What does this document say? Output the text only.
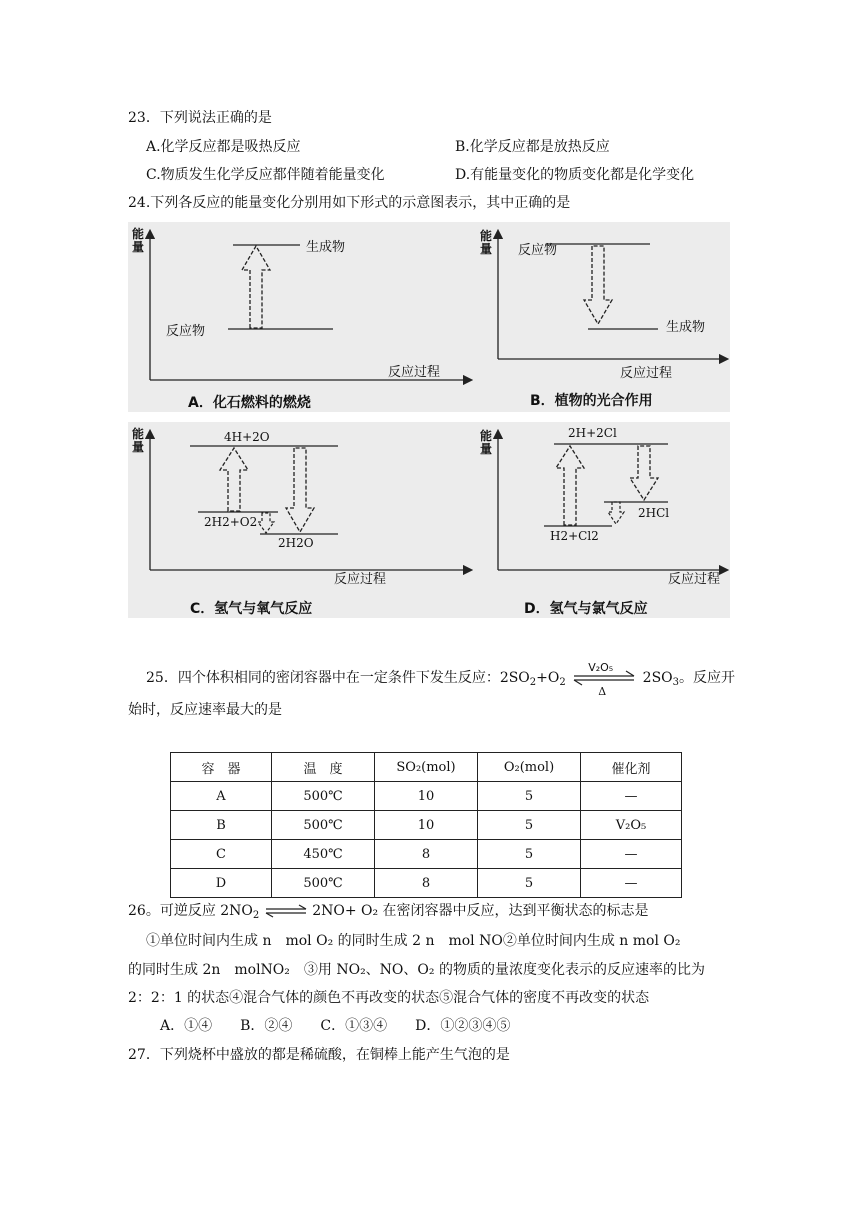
23．下列说法正确的是
A.化学反应都是吸热反应	B.化学反应都是放热反应
C.物质发生化学反应都伴随着能量变化	D.有能量变化的物质变化都是化学变化
24.下列各反应的能量变化分别用如下形式的示意图表示，其中正确的是
能量	生成物
反应物
反应过程
A．化石燃料的燃烧
能量 反应物
生成物
反应过程
B．植物的光合作用
能量
4H+2O
2H2+O2
2H2O
反应过程
C．氢气与氧气反应
能量
2H+2Cl
2HCl
H2+Cl2
反应过程
D．氢气与氯气反应
25．四个体积相同的密闭容器中在一定条件下发生反应：$2SO_2+O_2$
V₂O₅
Δ
$2SO_3$。反应开
始时，反应速率最大的是
容　器	温　度	SO₂(mol)	O₂(mol)	催化剂
A	500℃	10	5	—
B	500℃	10	5	V₂O₅
C	450℃	8	5	—
D	500℃	8	5	—
26。可逆反应 $2NO_2$ ⇌ 2NO+ O₂ 在密闭容器中反应，达到平衡状态的标志是
①单位时间内生成 n　mol O₂ 的同时生成 2 n　mol NO②单位时间内生成 n mol O₂
的同时生成 2n　molNO₂　③用 NO₂、NO、O₂ 的物质的量浓度变化表示的反应速率的比为
2：2：1 的状态④混合气体的颜色不再改变的状态⑤混合气体的密度不再改变的状态
A．①④　　B．②④　　C．①③④　　D．①②③④⑤
27．下列烧杯中盛放的都是稀硫酸，在铜棒上能产生气泡的是
